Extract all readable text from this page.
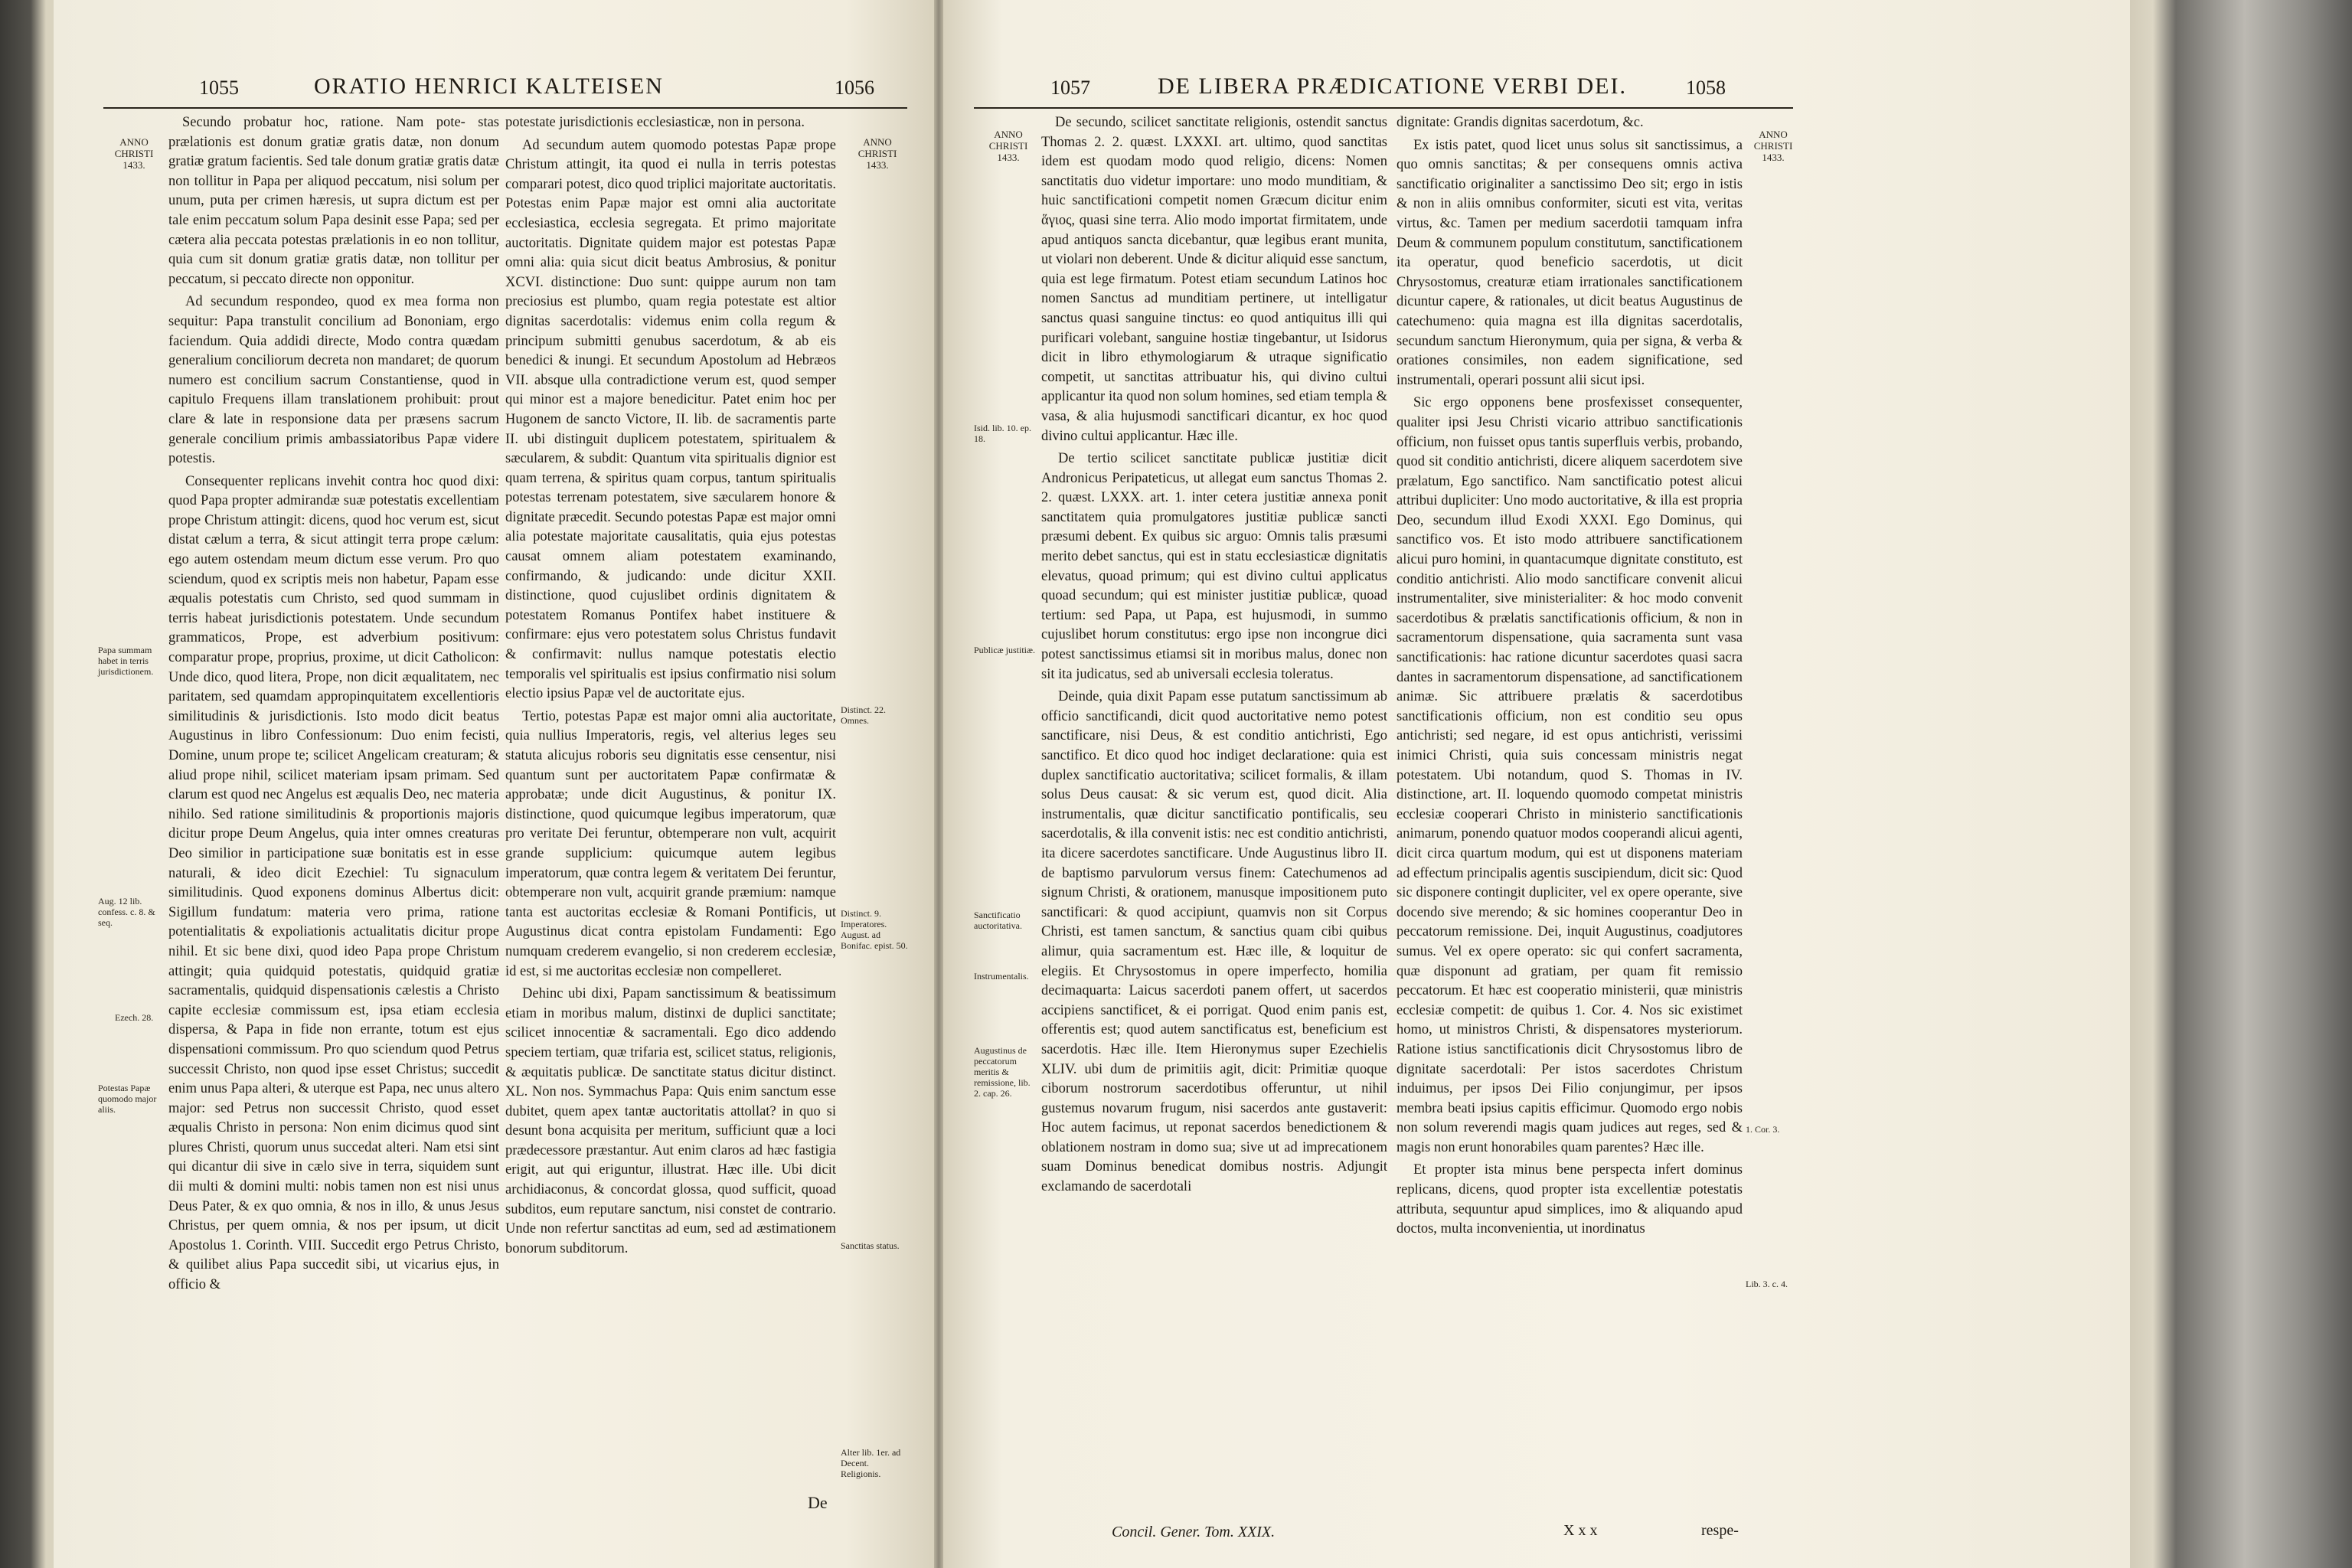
1055	ORATIO HENRICI KALTEISEN	1056
ANNO CHRISTI
1433.
ANNO CHRISTI
1433.
Papa summam habet in terris jurisdictionem.
Aug. 12 lib. confess. c. 8. & seq.
Ezech. 28.
Potestas Papæ quomodo major aliis.
Distinct. 22. Omnes.
Distinct. 9. Imperatores. August. ad Bonifac. epist. 50.
Sanctitas status.
Alter lib. 1er. ad Decent. Religionis.

Secundo probatur hoc, ratione. Nam pote- stas prælationis est donum gratiæ gratis datæ, non donum gratiæ gratum facientis. Sed tale donum gratiæ gratis datæ non tollitur in Papa per aliquod peccatum, nisi solum per unum, puta per crimen hæresis, ut supra dictum est per tale enim peccatum solum Papa desinit esse Papa; sed per cætera alia peccata potestas prælationis in eo non tollitur, quia cum sit donum gratiæ gratis datæ, non tollitur per peccatum, si peccato directe non opponitur.

Ad secundum respondeo, quod ex mea forma non sequitur: Papa transtulit concilium ad Bononiam, ergo faciendum. Quia addidi directe, Modo contra quædam generalium conciliorum decreta non mandaret; de quorum numero est concilium sacrum Constantiense, quod in capitulo Frequens illam translationem prohibuit: prout clare & late in responsione data per præsens sacrum generale concilium primis ambassiatoribus Papæ videre potestis.

Consequenter replicans invehit contra hoc quod dixi: quod Papa propter admirandæ suæ potestatis excellentiam prope Christum attingit: dicens, quod hoc verum est, sicut distat cælum a terra, & sicut attingit terra prope cælum: ego autem ostendam meum dictum esse verum. Pro quo sciendum, quod ex scriptis meis non habetur, Papam esse æqualis potestatis cum Christo, sed quod summam in terris habeat jurisdictionis potestatem. Unde secundum grammaticos, Prope, est adverbium positivum: comparatur prope, proprius, proxime, ut dicit Catholicon: Unde dico, quod litera, Prope, non dicit æqualitatem, nec paritatem, sed quamdam appropinquitatem excellentioris similitudinis & jurisdictionis. Isto modo dicit beatus Augustinus in libro Confessionum: Duo enim fecisti, Domine, unum prope te; scilicet Angelicam creaturam; & aliud prope nihil, scilicet materiam ipsam primam. Sed clarum est quod nec Angelus est æqualis Deo, nec materia nihilo. Sed ratione similitudinis & proportionis majoris dicitur prope Deum Angelus, quia inter omnes creaturas Deo similior in participatione suæ bonitatis est in esse naturali, & ideo dicit Ezechiel: Tu signaculum similitudinis. Quod exponens dominus Albertus dicit: Sigillum fundatum: materia vero prima, ratione potentialitatis & expoliationis actualitatis dicitur prope nihil. Et sic bene dixi, quod ideo Papa prope Christum attingit; quia quidquid potestatis, quidquid gratiæ sacramentalis, quidquid dispensationis cælestis a Christo capite ecclesiæ commissum est, ipsa etiam ecclesia dispersa, & Papa in fide non errante, totum est ejus dispensationi commissum. Pro quo sciendum quod Petrus successit Christo, non quod ipse esset Christus; succedit enim unus Papa alteri, & uterque est Papa, nec unus altero major: sed Petrus non successit Christo, quod esset æqualis Christo in persona: Non enim dicimus quod sint plures Christi, quorum unus succedat alteri. Nam etsi sint qui dicantur dii sive in cælo sive in terra, siquidem sunt dii multi & domini multi: nobis tamen non est nisi unus Deus Pater, & ex quo omnia, & nos in illo, & unus Jesus Christus, per quem omnia, & nos per ipsum, ut dicit Apostolus 1. Corinth. VIII. Succedit ergo Petrus Christo, & quilibet alius Papa succedit sibi, ut vicarius ejus, in officio &

potestate jurisdictionis ecclesiasticæ, non in persona.

Ad secundum autem quomodo potestas Papæ prope Christum attingit, ita quod ei nulla in terris potestas comparari potest, dico quod triplici majoritate auctoritatis. Potestas enim Papæ major est omni alia auctoritate ecclesiastica, ecclesia segregata. Et primo majoritate auctoritatis. Dignitate quidem major est potestas Papæ omni alia: quia sicut dicit beatus Ambrosius, & ponitur XCVI. distinctione: Duo sunt: quippe aurum non tam preciosius est plumbo, quam regia potestate est altior dignitas sacerdotalis: videmus enim colla regum & principum submitti genubus sacerdotum, & ab eis benedici & inungi. Et secundum Apostolum ad Hebræos VII. absque ulla contradictione verum est, quod semper qui minor est a majore benedicitur. Patet enim hoc per Hugonem de sancto Victore, II. lib. de sacramentis parte II. ubi distinguit duplicem potestatem, spiritualem & sæcularem, & subdit: Quantum vita spiritualis dignior est quam terrena, & spiritus quam corpus, tantum spiritualis potestas terrenam potestatem, sive sæcularem honore & dignitate præcedit. Secundo potestas Papæ est major omni alia potestate majoritate causalitatis, quia ejus potestas causat omnem aliam potestatem examinando, confirmando, & judicando: unde dicitur XXII. distinctione, quod cujuslibet ordinis dignitatem & potestatem Romanus Pontifex habet instituere & confirmare: ejus vero potestatem solus Christus fundavit & confirmavit: nullus namque potestatis electio temporalis vel spiritualis est ipsius confirmatio nisi solum electio ipsius Papæ vel de auctoritate ejus.

Tertio, potestas Papæ est major omni alia auctoritate, quia nullius Imperatoris, regis, vel alterius leges seu statuta alicujus roboris seu dignitatis esse censentur, nisi quantum sunt per auctoritatem Papæ confirmatæ & approbatæ; unde dicit Augustinus, & ponitur IX. distinctione, quod quicumque legibus imperatorum, quæ pro veritate Dei feruntur, obtemperare non vult, acquirit grande supplicium: quicumque autem legibus imperatorum, quæ contra legem & veritatem Dei feruntur, obtemperare non vult, acquirit grande præmium: namque tanta est auctoritas ecclesiæ & Romani Pontificis, ut Augustinus dicat contra epistolam Fundamenti: Ego numquam crederem evangelio, si non crederem ecclesiæ, id est, si me auctoritas ecclesiæ non compelleret.

Dehinc ubi dixi, Papam sanctissimum & beatissimum etiam in moribus malum, distinxi de duplici sanctitate; scilicet innocentiæ & sacramentali. Ego dico addendo speciem tertiam, quæ trifaria est, scilicet status, religionis, & æquitatis publicæ. De sanctitate status dicitur distinct. XL. Non nos. Symmachus Papa: Quis enim sanctum esse dubitet, quem apex tantæ auctoritatis attollat? in quo si desunt bona acquisita per meritum, sufficiunt quæ a loci prædecessore præstantur. Aut enim claros ad hæc fastigia erigit, aut qui eriguntur, illustrat. Hæc ille. Ubi dicit archidiaconus, & concordat glossa, quod sufficit, quoad subditos, eum reputare sanctum, nisi constet de contrario. Unde non refertur sanctitas ad eum, sed ad æstimationem bonorum subditorum.

De
1057	DE LIBERA PRÆDICATIONE VERBI DEI.	1058
ANNO CHRISTI
1433.
ANNO CHRISTI
1433.
Isid. lib. 10. ep. 18.
Publicæ justitiæ.
Sanctificatio auctoritativa.
Instrumentalis.
Augustinus de peccatorum meritis & remissione, lib. 2. cap. 26.
1. Cor. 3.
Lib. 3. c. 4.

De secundo, scilicet sanctitate religionis, ostendit sanctus Thomas 2. 2. quæst. LXXXI. art. ultimo, quod sanctitas idem est quodam modo quod religio, dicens: Nomen sanctitatis duo videtur importare: uno modo munditiam, & huic sanctificationi competit nomen Græcum dicitur enim ἅγιος, quasi sine terra. Alio modo importat firmitatem, unde apud antiquos sancta dicebantur, quæ legibus erant munita, ut violari non deberent. Unde & dicitur aliquid esse sanctum, quia est lege firmatum. Potest etiam secundum Latinos hoc nomen Sanctus ad munditiam pertinere, ut intelligatur sanctus quasi sanguine tinctus: eo quod antiquitus illi qui purificari volebant, sanguine hostiæ tingebantur, ut Isidorus dicit in libro ethymologiarum & utraque significatio competit, ut sanctitas attribuatur his, qui divino cultui applicantur ita quod non solum homines, sed etiam templa & vasa, & alia hujusmodi sanctificari dicantur, ex hoc quod divino cultui applicantur. Hæc ille.

De tertio scilicet sanctitate publicæ justitiæ dicit Andronicus Peripateticus, ut allegat eum sanctus Thomas 2. 2. quæst. LXXX. art. 1. inter cetera justitiæ annexa ponit sanctitatem quia promulgatores justitiæ publicæ sancti præsumi debent. Ex quibus sic arguo: Omnis talis præsumi merito debet sanctus, qui est in statu ecclesiasticæ dignitatis elevatus, quoad primum; qui est divino cultui applicatus quoad secundum; qui est minister justitiæ publicæ, quoad tertium: sed Papa, ut Papa, est hujusmodi, in summo cujuslibet horum constitutus: ergo ipse non incongrue dici potest sanctissimus etiamsi sit in moribus malus, donec non sit ita judicatus, sed ab universali ecclesia toleratus.

Deinde, quia dixit Papam esse putatum sanctissimum ab officio sanctificandi, dicit quod auctoritative nemo potest sanctificare, nisi Deus, & est conditio antichristi, Ego sanctifico. Et dico quod hoc indiget declaratione: quia est duplex sanctificatio auctoritativa; scilicet formalis, & illam solus Deus causat: & sic verum est, quod dicit. Alia instrumentalis, quæ dicitur sanctificatio pontificalis, seu sacerdotalis, & illa convenit istis: nec est conditio antichristi, ita dicere sacerdotes sanctificare. Unde Augustinus libro II. de baptismo parvulorum versus finem: Catechumenos ad signum Christi, & orationem, manusque impositionem puto sanctificari: & quod accipiunt, quamvis non sit Corpus Christi, est tamen sanctum, & sanctius quam cibi quibus alimur, quia sacramentum est. Hæc ille, & loquitur de elegiis. Et Chrysostomus in opere imperfecto, homilia decimaquarta: Laicus sacerdoti panem offert, ut sacerdos accipiens sanctificet, & ei porrigat. Quod enim panis est, offerentis est; quod autem sanctificatus est, beneficium est sacerdotis. Hæc ille. Item Hieronymus super Ezechielis XLIV. ubi dum de primitiis agit, dicit: Primitiæ quoque ciborum nostrorum sacerdotibus offeruntur, ut nihil gustemus novarum frugum, nisi sacerdos ante gustaverit: Hoc autem facimus, ut reponat sacerdos benedictionem & oblationem nostram in domo sua; sive ut ad imprecationem suam Dominus benedicat domibus nostris. Adjungit exclamando de sacerdotali

dignitate: Grandis dignitas sacerdotum, &c.

Ex istis patet, quod licet unus solus sit sanctissimus, a quo omnis sanctitas; & per consequens omnis activa sanctificatio originaliter a sanctissimo Deo sit; ergo in istis & non in aliis omnibus conformiter, sicuti est vita, veritas virtus, &c. Tamen per medium sacerdotii tamquam infra Deum & communem populum constitutum, sanctificationem ita operatur, quod beneficio sacerdotis, ut dicit Chrysostomus, creaturæ etiam irrationales sanctificationem dicuntur capere, & rationales, ut dicit beatus Augustinus de catechumeno: quia magna est illa dignitas sacerdotalis, secundum sanctum Hieronymum, quia per signa, & verba & orationes consimiles, non eadem significatione, sed instrumentali, operari possunt alii sicut ipsi.

Sic ergo opponens bene prosfexisset consequenter, qualiter ipsi Jesu Christi vicario attribuo sanctificationis officium, non fuisset opus tantis superfluis verbis, probando, quod sit conditio antichristi, dicere aliquem sacerdotem sive prælatum, Ego sanctifico. Nam sanctificatio potest alicui attribui dupliciter: Uno modo auctoritative, & illa est propria Deo, secundum illud Exodi XXXI. Ego Dominus, qui sanctifico vos. Et isto modo attribuere sanctificationem alicui puro homini, in quantacumque dignitate constituto, est conditio antichristi. Alio modo sanctificare convenit alicui instrumentaliter, sive ministerialiter: & hoc modo convenit sacerdotibus & prælatis sanctificationis officium, & non in sacramentorum dispensatione, quia sacramenta sunt vasa sanctificationis: hac ratione dicuntur sacerdotes quasi sacra dantes in sacramentorum dispensatione, ad sanctificationem animæ. Sic attribuere prælatis & sacerdotibus sanctificationis officium, non est conditio seu opus antichristi; sed negare, id est opus antichristi, verissimi inimici Christi, quia suis concessam ministris negat potestatem. Ubi notandum, quod S. Thomas in IV. distinctione, art. II. loquendo quomodo competat ministris ecclesiæ cooperari Christo in ministerio sanctificationis animarum, ponendo quatuor modos cooperandi alicui agenti, dicit circa quartum modum, qui est ut disponens materiam ad effectum principalis agentis suscipiendum, dicit sic: Quod sic disponere contingit dupliciter, vel ex opere operante, sive docendo sive merendo; & sic homines cooperantur Deo in peccatorum remissione. Dei, inquit Augustinus, coadjutores sumus. Vel ex opere operato: sic qui confert sacramenta, quæ disponunt ad gratiam, per quam fit remissio peccatorum. Et hæc est cooperatio ministerii, quæ ministris ecclesiæ competit: de quibus 1. Cor. 4. Nos sic existimet homo, ut ministros Christi, & dispensatores mysteriorum. Ratione istius sanctificationis dicit Chrysostomus libro de dignitate sacerdotali: Per istos sacerdotes Christum induimus, per ipsos Dei Filio conjungimur, per ipsos membra beati ipsius capitis efficimur. Quomodo ergo nobis non solum reverendi magis quam judices aut reges, sed & magis non erunt honorabiles quam parentes? Hæc ille.

Et propter ista minus bene perspecta infert dominus replicans, dicens, quod propter ista excellentiæ potestatis attributa, sequuntur apud simplices, imo & aliquando apud doctos, multa inconvenientia, ut inordinatus

Concil. Gener. Tom. XXIX.	X x x	respe-
